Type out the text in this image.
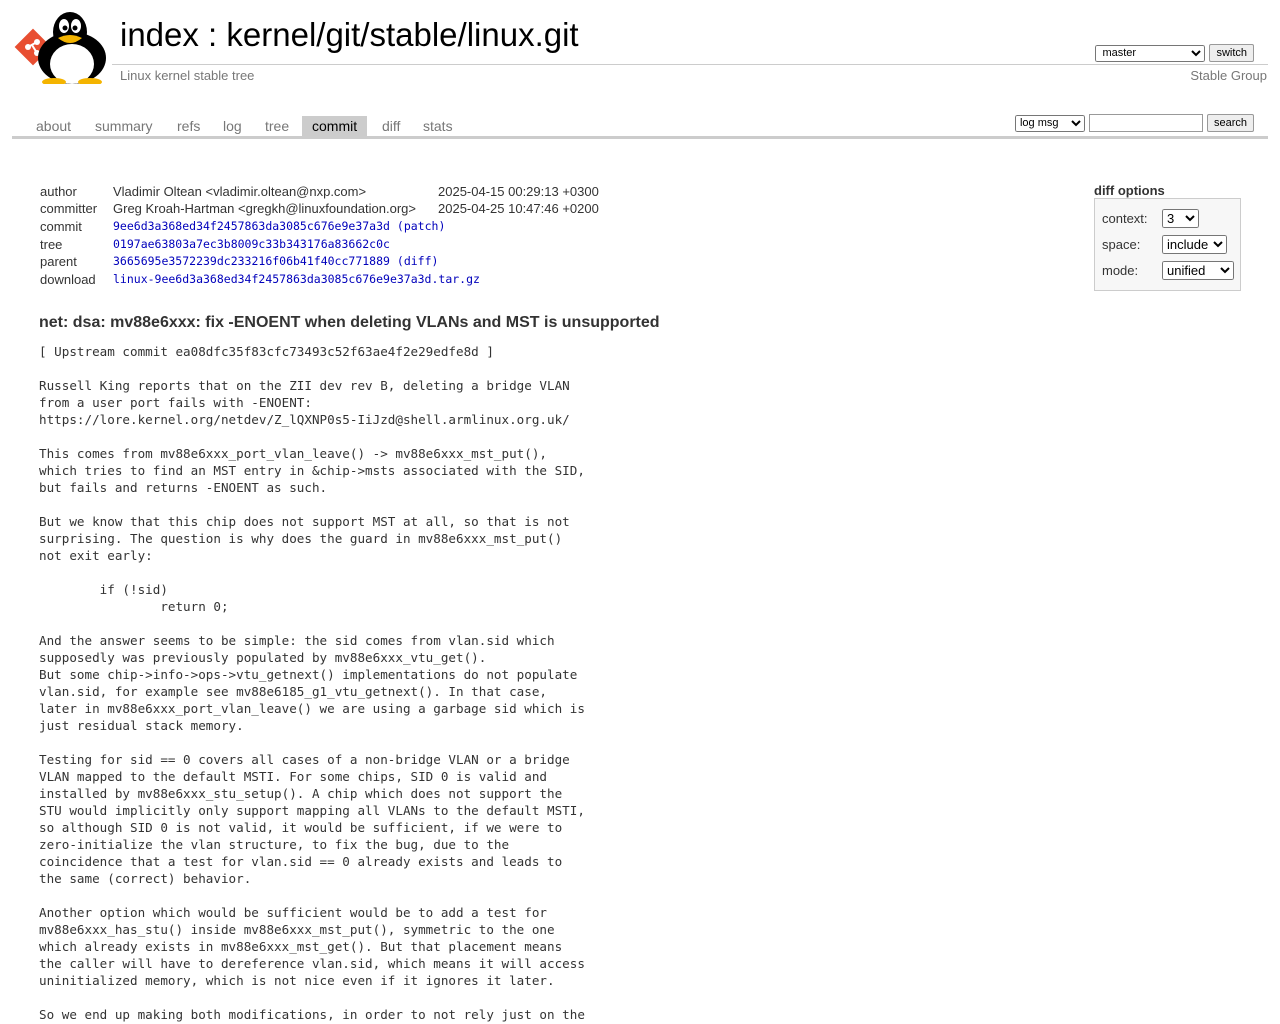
index : kernel/git/stable/linux.git
Linux kernel stable tree	Stable Group
master
switch
about	summary	refs	log	tree	commit	diff	stats
log msg	search
author	Vladimir Oltean <vladimir.oltean@nxp.com>	2025-04-15 00:29:13 +0300
committer	Greg Kroah-Hartman <gregkh@linuxfoundation.org> 2025-04-25 10:47:46 +0200
commit	9ee6d3a368ed34f2457863da3085c676e9e37a3d (patch)
tree	0197ae63803a7ec3b8009c33b343176a83662c0c
parent	3665695e3572239dc233216f06b41f40cc771889 (diff)
download	linux-9ee6d3a368ed34f2457863da3085c676e9e37a3d.tar.gz
diff options
context:
3
space:
include
mode:
unified
net: dsa: mv88e6xxx: fix -ENOENT when deleting VLANs and MST is unsupported
[ Upstream commit ea08dfc35f83cfc73493c52f63ae4f2e29edfe8d ]

Russell King reports that on the ZII dev rev B, deleting a bridge VLAN
from a user port fails with -ENOENT:
https://lore.kernel.org/netdev/Z_lQXNP0s5-IiJzd@shell.armlinux.org.uk/

This comes from mv88e6xxx_port_vlan_leave() -> mv88e6xxx_mst_put(),
which tries to find an MST entry in &chip->msts associated with the SID,
but fails and returns -ENOENT as such.

But we know that this chip does not support MST at all, so that is not
surprising. The question is why does the guard in mv88e6xxx_mst_put()
not exit early:

if (!sid)
return 0;

And the answer seems to be simple: the sid comes from vlan.sid which
supposedly was previously populated by mv88e6xxx_vtu_get().
But some chip->info->ops->vtu_getnext() implementations do not populate
vlan.sid, for example see mv88e6185_g1_vtu_getnext(). In that case,
later in mv88e6xxx_port_vlan_leave() we are using a garbage sid which is
just residual stack memory.

Testing for sid == 0 covers all cases of a non-bridge VLAN or a bridge
VLAN mapped to the default MSTI. For some chips, SID 0 is valid and
installed by mv88e6xxx_stu_setup(). A chip which does not support the
STU would implicitly only support mapping all VLANs to the default MSTI,
so although SID 0 is not valid, it would be sufficient, if we were to
zero-initialize the vlan structure, to fix the bug, due to the
coincidence that a test for vlan.sid == 0 already exists and leads to
the same (correct) behavior.

Another option which would be sufficient would be to add a test for
mv88e6xxx_has_stu() inside mv88e6xxx_mst_put(), symmetric to the one
which already exists in mv88e6xxx_mst_get(). But that placement means
the caller will have to dereference vlan.sid, which means it will access
uninitialized memory, which is not nice even if it ignores it later.

So we end up making both modifications, in order to not rely just on the
